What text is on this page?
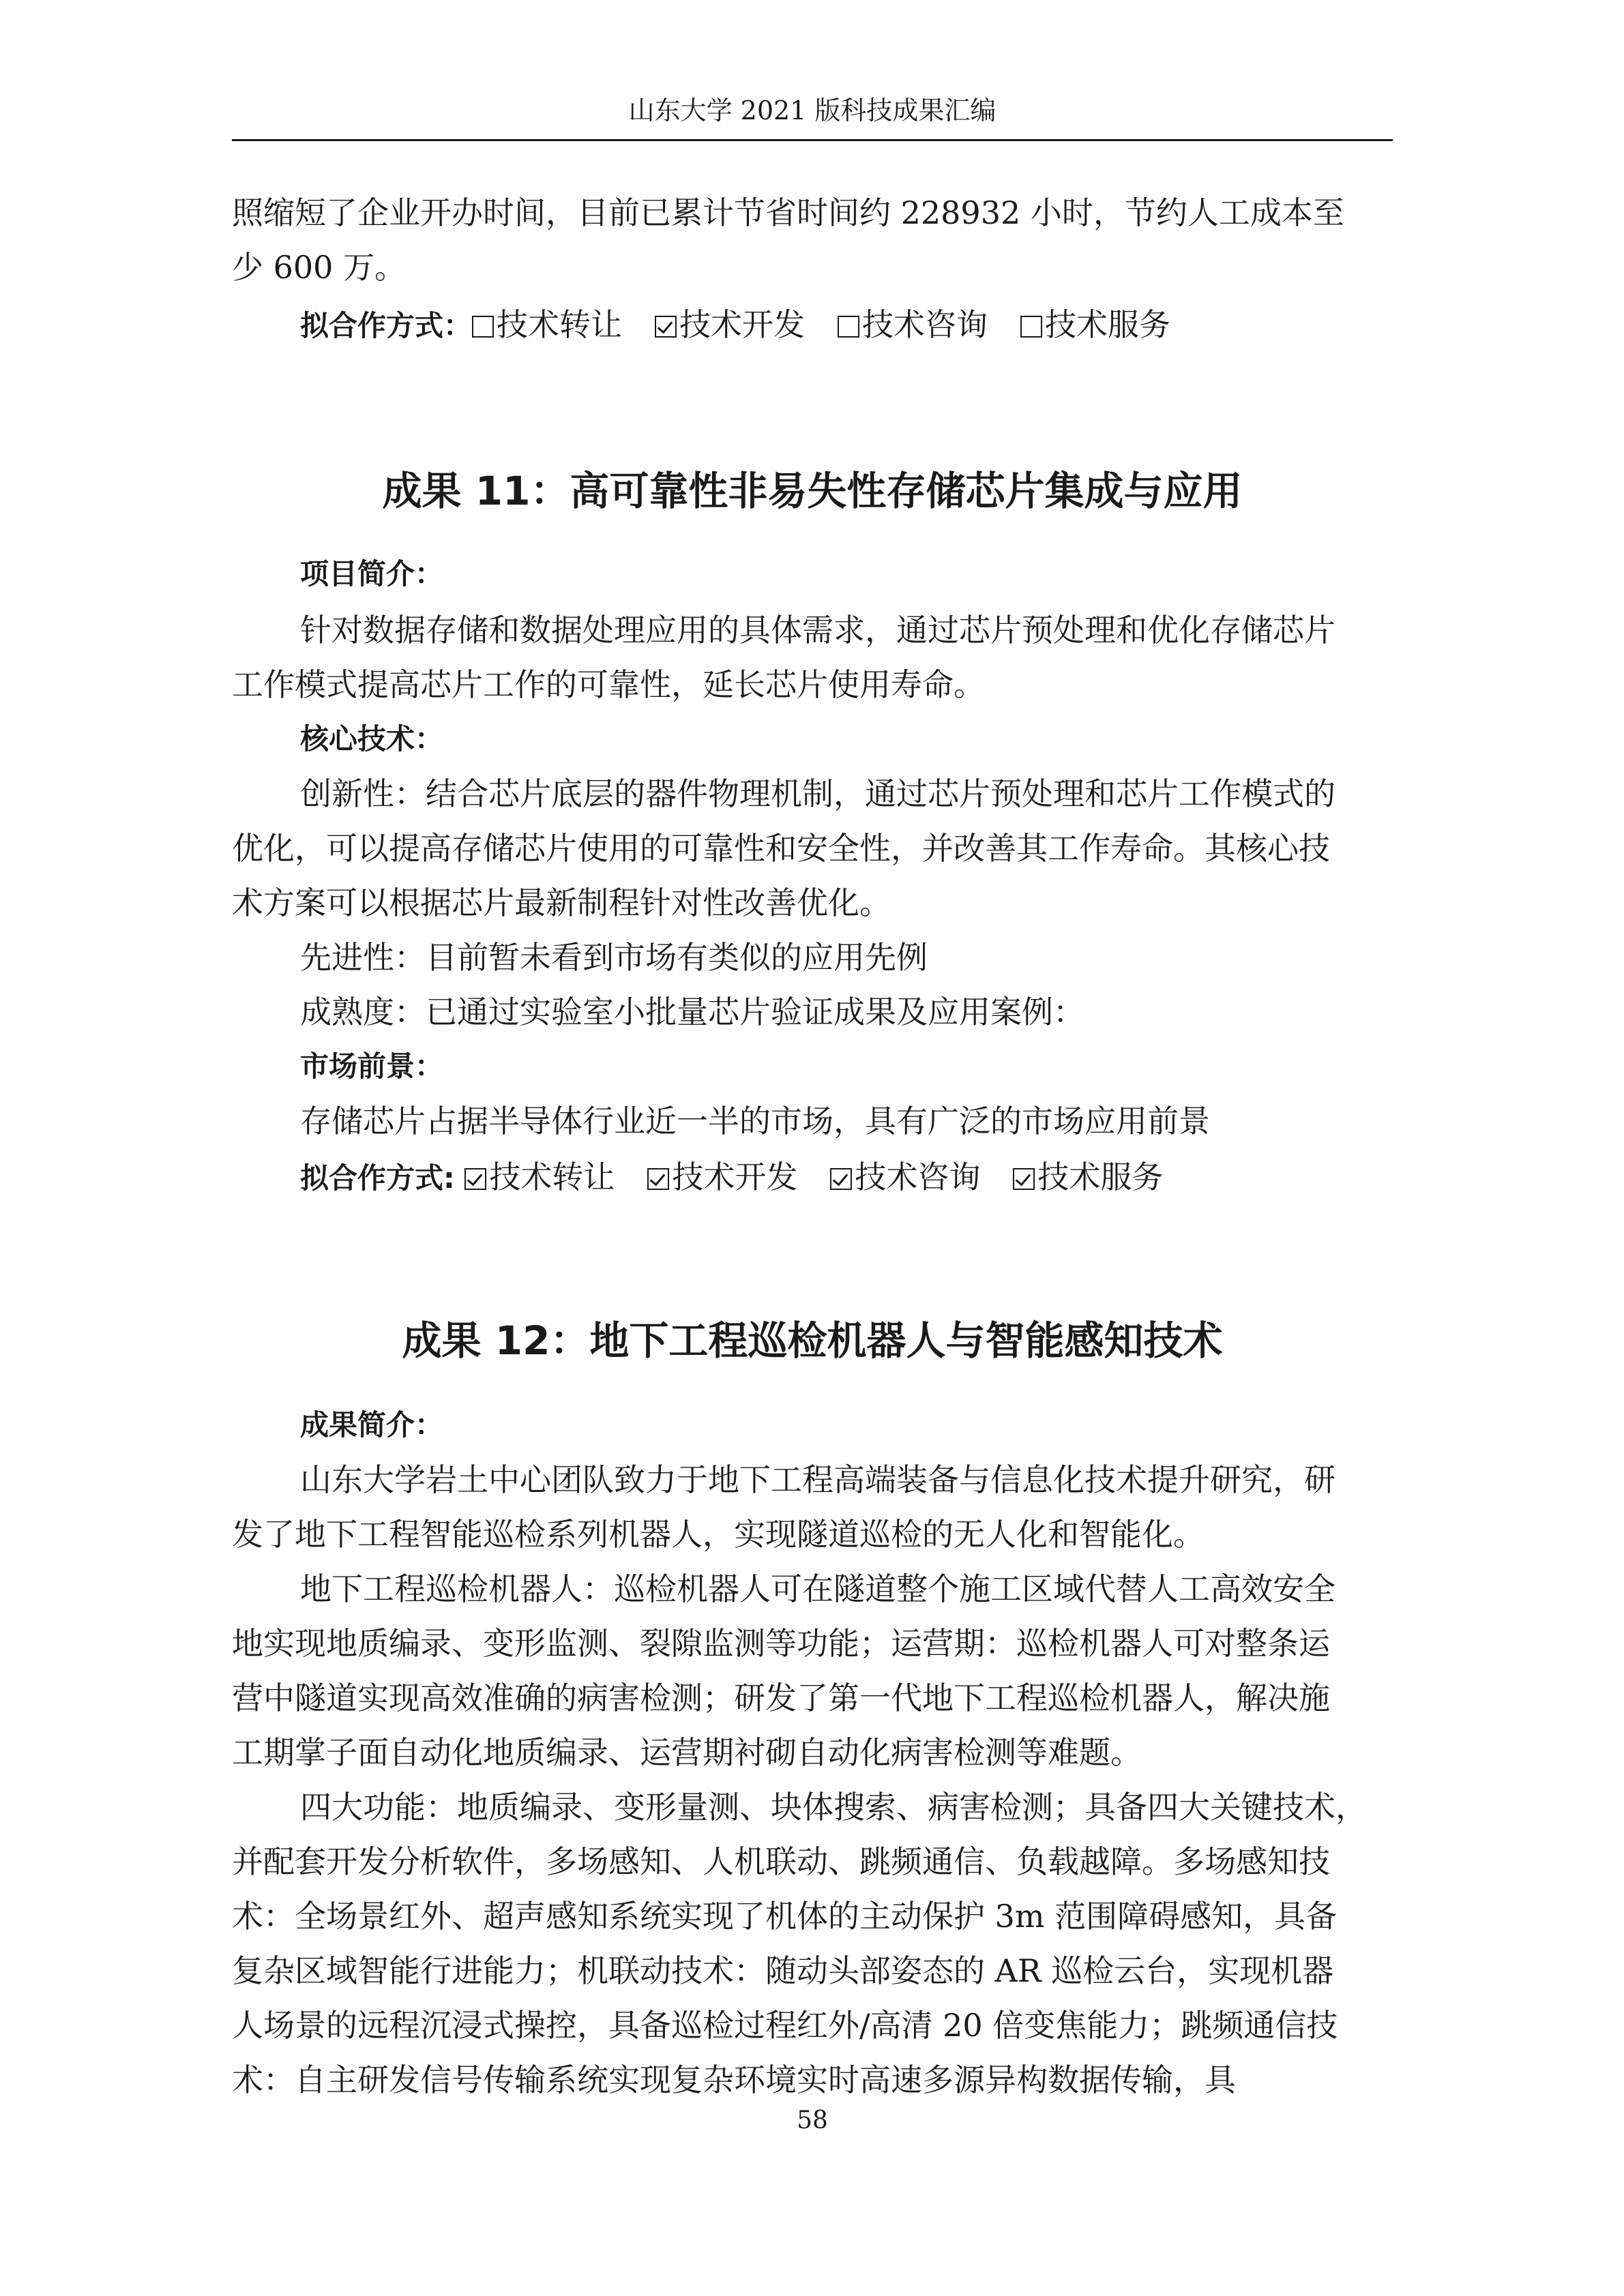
山东大学 2021 版科技成果汇编
照缩短了企业开办时间，目前已累计节省时间约 228932 小时，节约人工成本至
少 600 万。
拟合作方式： 技术转让 技术开发 技术咨询 技术服务
成果 11：高可靠性非易失性存储芯片集成与应用
项目简介：
针对数据存储和数据处理应用的具体需求，通过芯片预处理和优化存储芯片
工作模式提高芯片工作的可靠性，延长芯片使用寿命。
核心技术：
创新性：结合芯片底层的器件物理机制，通过芯片预处理和芯片工作模式的
优化，可以提高存储芯片使用的可靠性和安全性，并改善其工作寿命。其核心技
术方案可以根据芯片最新制程针对性改善优化。
先进性：目前暂未看到市场有类似的应用先例
成熟度：已通过实验室小批量芯片验证成果及应用案例：
市场前景：
存储芯片占据半导体行业近一半的市场，具有广泛的市场应用前景
拟合作方式: 技术转让 技术开发 技术咨询 技术服务
成果 12：地下工程巡检机器人与智能感知技术
成果简介：
山东大学岩土中心团队致力于地下工程高端装备与信息化技术提升研究，研
发了地下工程智能巡检系列机器人，实现隧道巡检的无人化和智能化。
地下工程巡检机器人：巡检机器人可在隧道整个施工区域代替人工高效安全
地实现地质编录、变形监测、裂隙监测等功能；运营期：巡检机器人可对整条运
营中隧道实现高效准确的病害检测；研发了第一代地下工程巡检机器人，解决施
工期掌子面自动化地质编录、运营期衬砌自动化病害检测等难题。
四大功能：地质编录、变形量测、块体搜索、病害检测；具备四大关键技术，
并配套开发分析软件，多场感知、人机联动、跳频通信、负载越障。多场感知技
术：全场景红外、超声感知系统实现了机体的主动保护 3m 范围障碍感知，具备
复杂区域智能行进能力；机联动技术：随动头部姿态的 AR 巡检云台，实现机器
人场景的远程沉浸式操控，具备巡检过程红外/高清 20 倍变焦能力；跳频通信技
术：自主研发信号传输系统实现复杂环境实时高速多源异构数据传输，具
58
